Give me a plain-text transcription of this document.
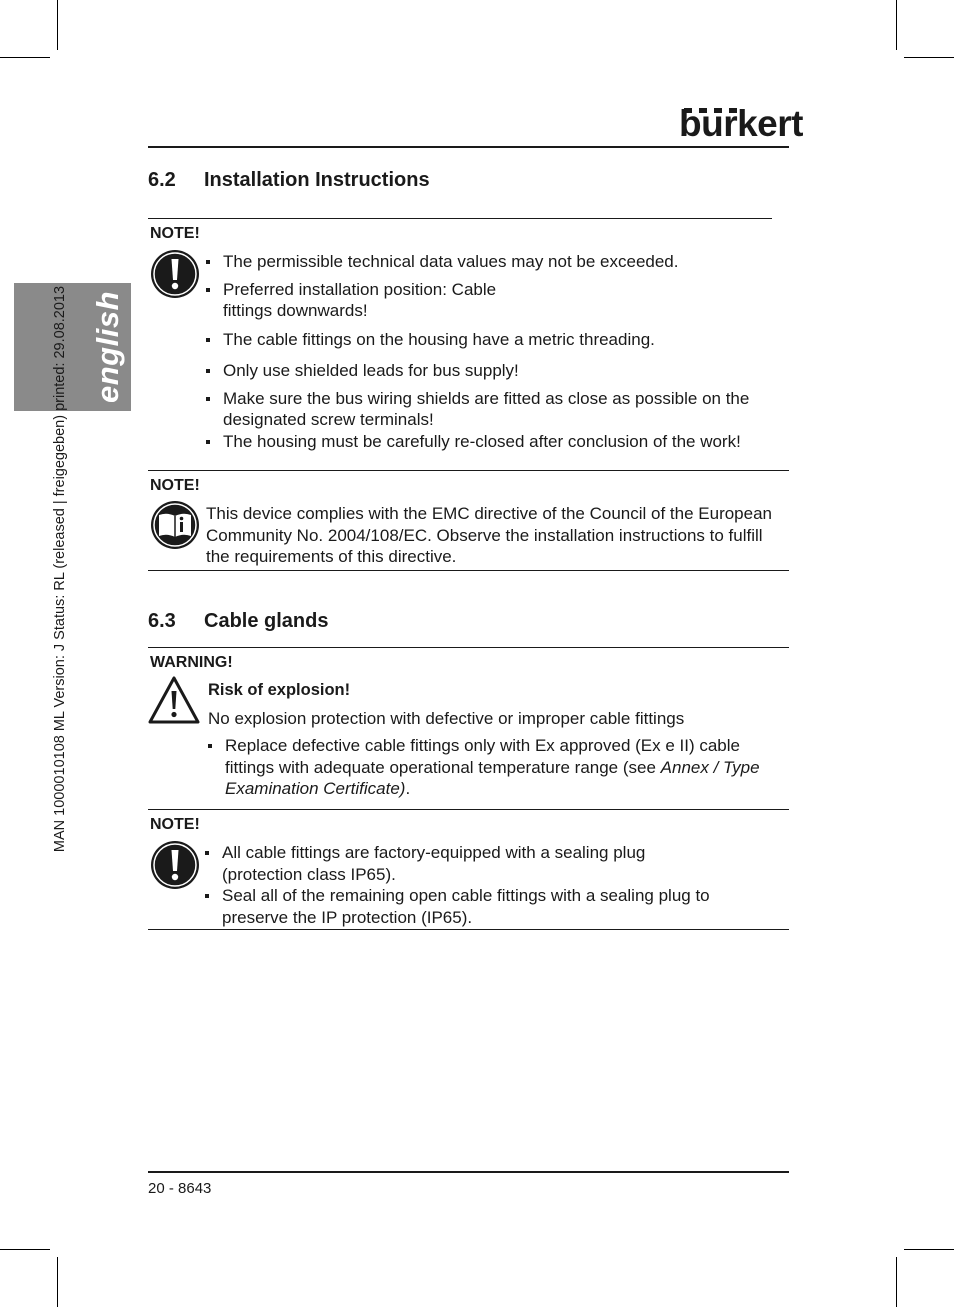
english
MAN 1000010108 ML Version: J Status: RL (released | freigegeben) printed: 29.08.2013
burkert
6.2 Installation Instructions
NOTE!
The permissible technical data values may not be exceeded.
Preferred installation position: Cable fittings downwards!
The cable fittings on the housing have a metric threading.
Only use shielded leads for bus supply!
Make sure the bus wiring shields are fitted as close as possible on the designated screw terminals!
The housing must be carefully re-closed after conclusion of the work!
NOTE!
This device complies with the EMC directive of the Council of the European Community No. 2004/108/EC. Observe the installation instructions to fulfill the requirements of this directive.
6.3 Cable glands
WARNING!
Risk of explosion!
No explosion protection with defective or improper cable fittings
Replace defective cable fittings only with Ex approved (Ex e II) cable fittings with adequate operational temperature range (see Annex / Type Examination Certificate).
NOTE!
All cable fittings are factory-equipped with a sealing plug (protection class IP65).
Seal all of the remaining open cable fittings with a sealing plug to preserve the IP protection (IP65).
20 - 8643
